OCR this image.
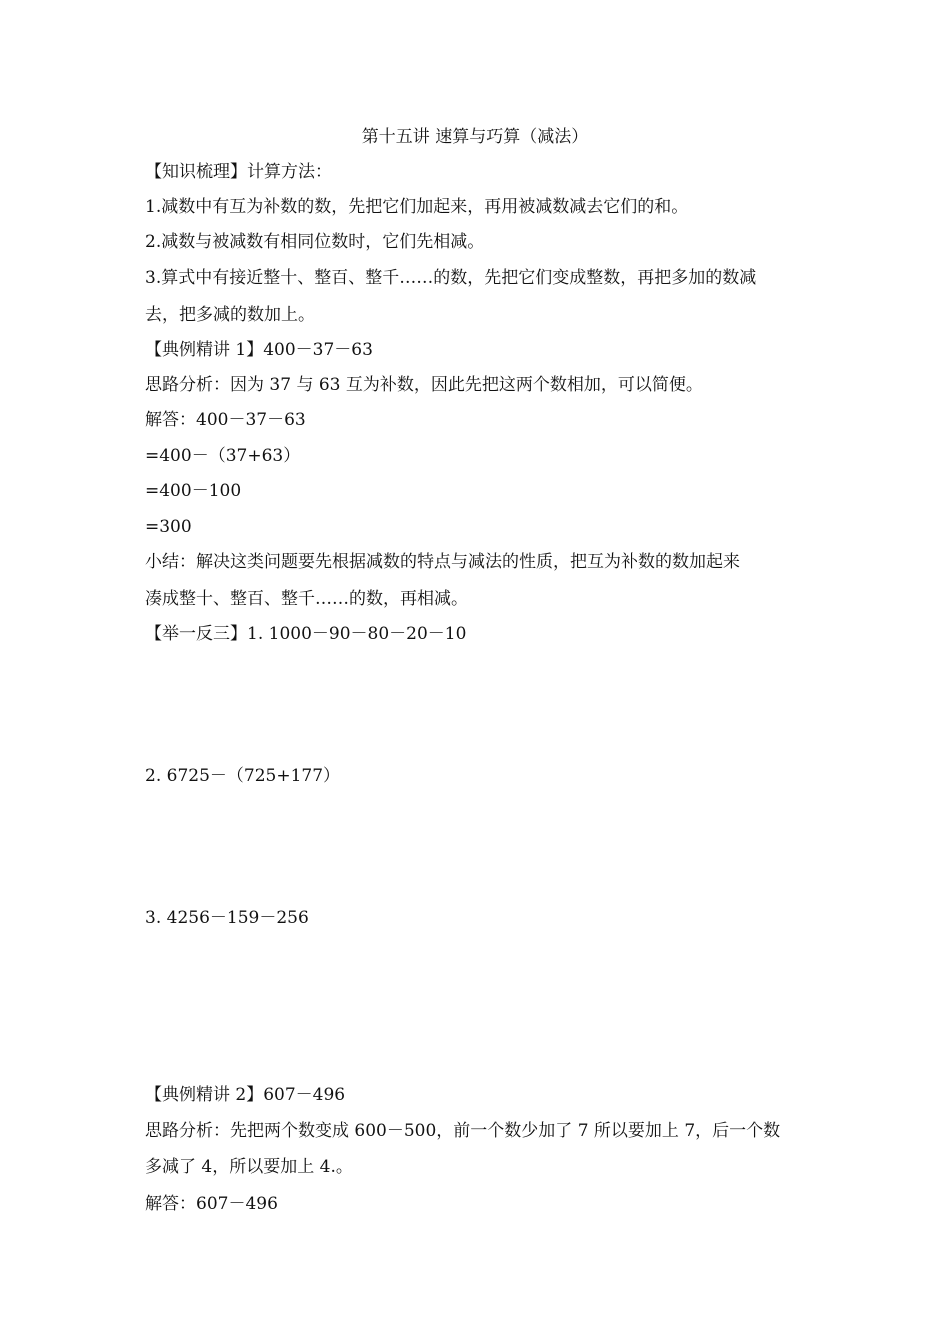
第十五讲 速算与巧算（减法）
【知识梳理】计算方法：
1.减数中有互为补数的数，先把它们加起来，再用被减数减去它们的和。
2.减数与被减数有相同位数时，它们先相减。
3.算式中有接近整十、整百、整千……的数，先把它们变成整数，再把多加的数减
去，把多减的数加上。
【典例精讲 1】400－37－63
思路分析：因为 37 与 63 互为补数，因此先把这两个数相加，可以简便。
解答：400－37－63
=400－（37+63）
=400－100
=300
小结：解决这类问题要先根据减数的特点与减法的性质，把互为补数的数加起来
凑成整十、整百、整千……的数，再相减。
【举一反三】1. 1000－90－80－20－10
2. 6725－（725+177）
3. 4256－159－256
【典例精讲 2】607－496
思路分析：先把两个数变成 600－500，前一个数少加了 7 所以要加上 7，后一个数
多减了 4，所以要加上 4.。
解答：607－496
